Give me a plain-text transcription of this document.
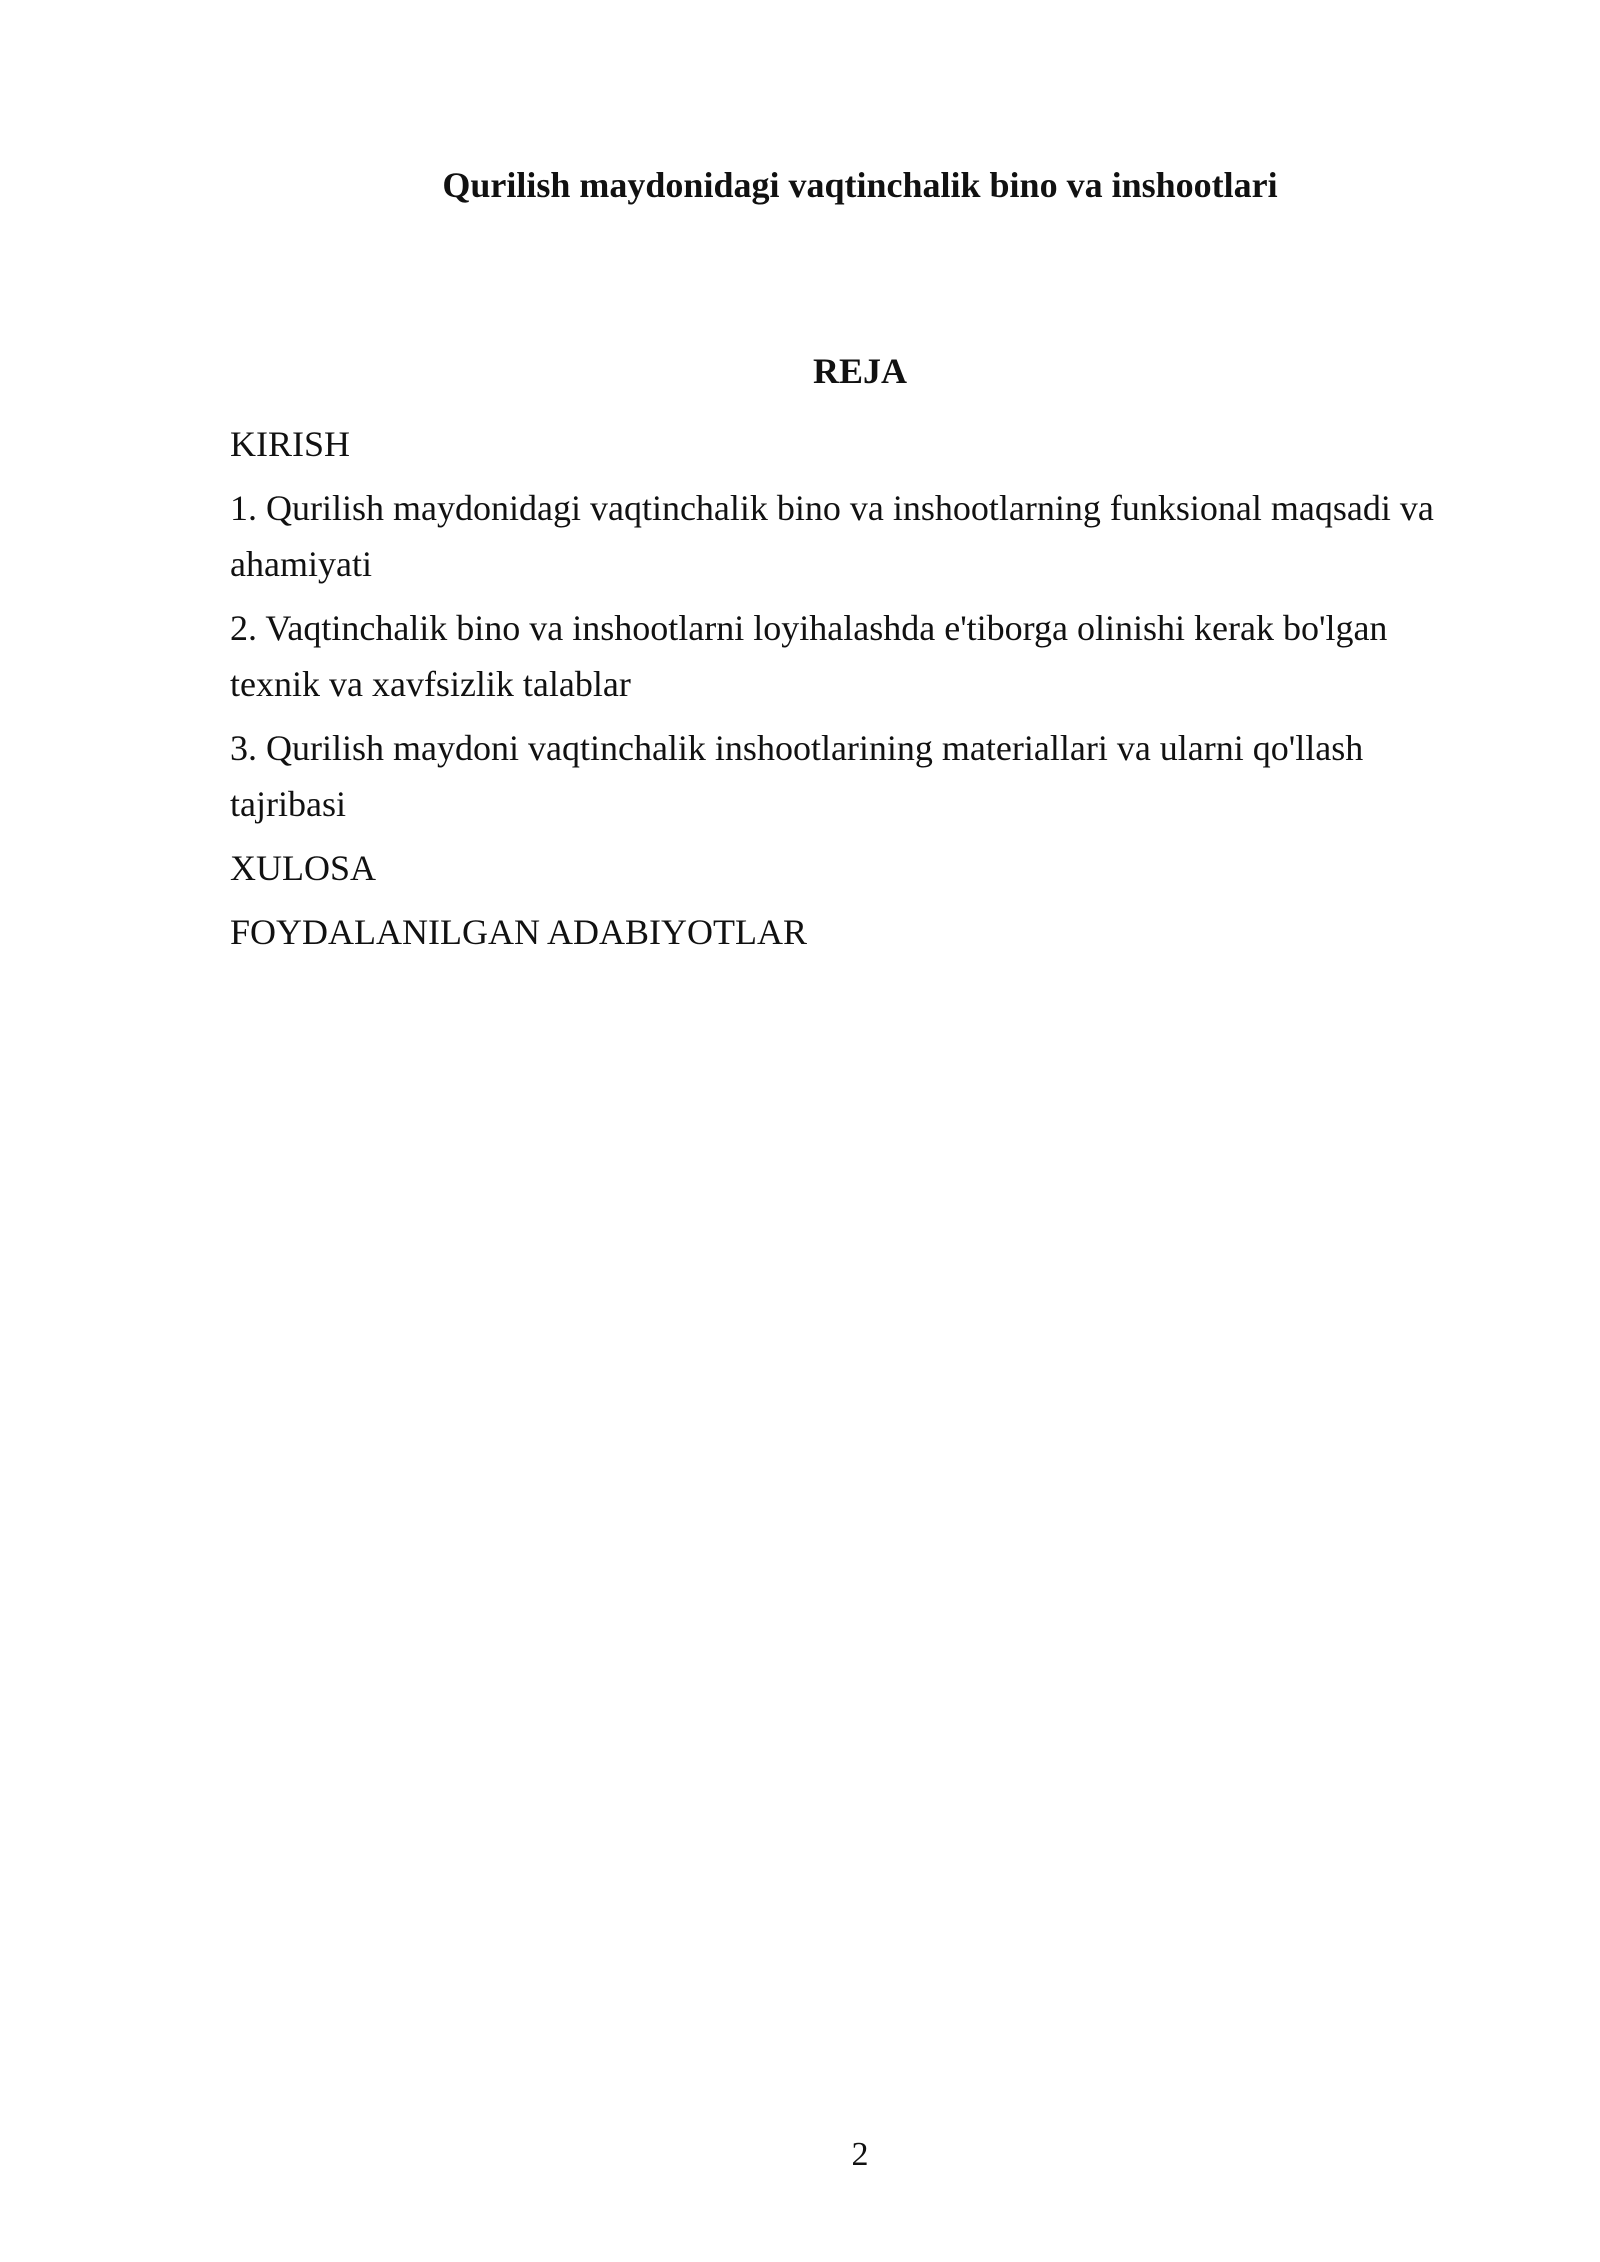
Qurilish maydonidagi vaqtinchalik bino va inshootlari
REJA
KIRISH
1. Qurilish maydonidagi vaqtinchalik bino va inshootlarning funksional maqsadi va ahamiyati
2. Vaqtinchalik bino va inshootlarni loyihalashda e'tiborga olinishi kerak bo'lgan texnik va xavfsizlik talablar
3. Qurilish maydoni vaqtinchalik inshootlarining materiallari va ularni qo'llash tajribasi
XULOSA
FOYDALANILGAN ADABIYOTLAR
2
